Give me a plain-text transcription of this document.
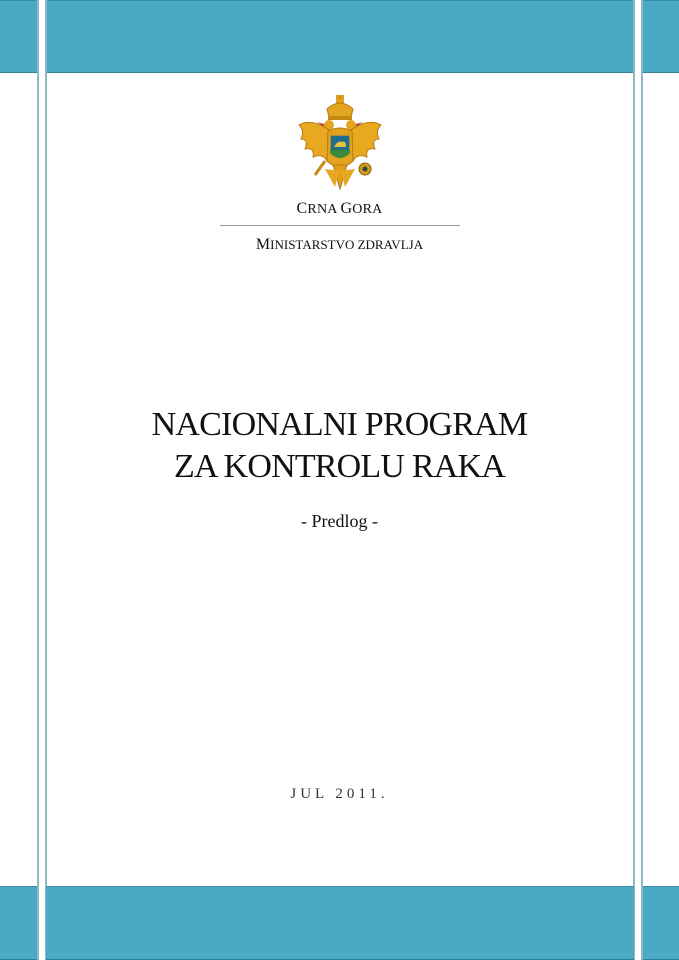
CRNA GORA
MINISTARSTVO ZDRAVLJA
NACIONALNI PROGRAM
ZA KONTROLU RAKA
- Predlog -
JUL 2011.
